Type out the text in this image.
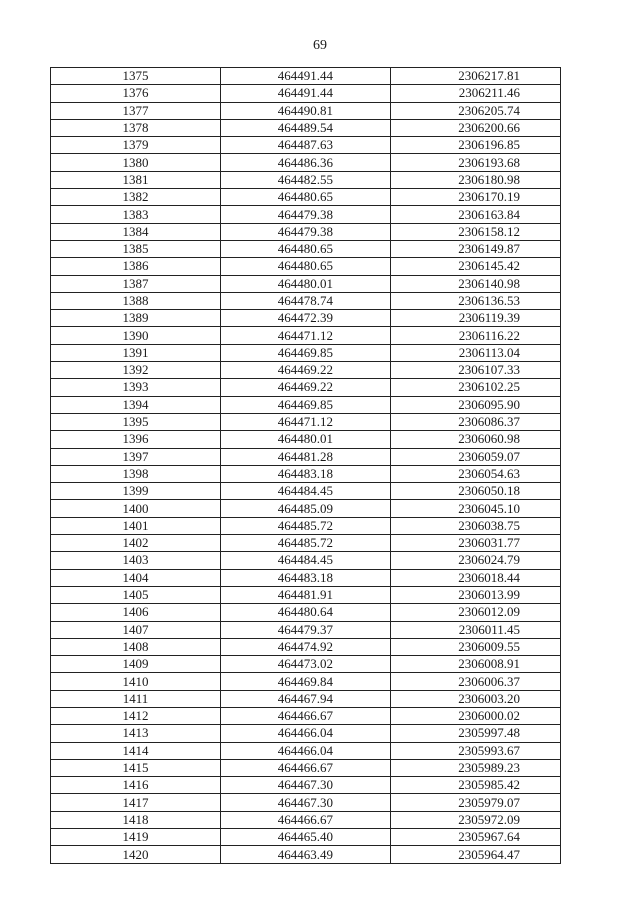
69
1375	464491.44	2306217.81
1376	464491.44	2306211.46
1377	464490.81	2306205.74
1378	464489.54	2306200.66
1379	464487.63	2306196.85
1380	464486.36	2306193.68
1381	464482.55	2306180.98
1382	464480.65	2306170.19
1383	464479.38	2306163.84
1384	464479.38	2306158.12
1385	464480.65	2306149.87
1386	464480.65	2306145.42
1387	464480.01	2306140.98
1388	464478.74	2306136.53
1389	464472.39	2306119.39
1390	464471.12	2306116.22
1391	464469.85	2306113.04
1392	464469.22	2306107.33
1393	464469.22	2306102.25
1394	464469.85	2306095.90
1395	464471.12	2306086.37
1396	464480.01	2306060.98
1397	464481.28	2306059.07
1398	464483.18	2306054.63
1399	464484.45	2306050.18
1400	464485.09	2306045.10
1401	464485.72	2306038.75
1402	464485.72	2306031.77
1403	464484.45	2306024.79
1404	464483.18	2306018.44
1405	464481.91	2306013.99
1406	464480.64	2306012.09
1407	464479.37	2306011.45
1408	464474.92	2306009.55
1409	464473.02	2306008.91
1410	464469.84	2306006.37
1411	464467.94	2306003.20
1412	464466.67	2306000.02
1413	464466.04	2305997.48
1414	464466.04	2305993.67
1415	464466.67	2305989.23
1416	464467.30	2305985.42
1417	464467.30	2305979.07
1418	464466.67	2305972.09
1419	464465.40	2305967.64
1420	464463.49	2305964.47
